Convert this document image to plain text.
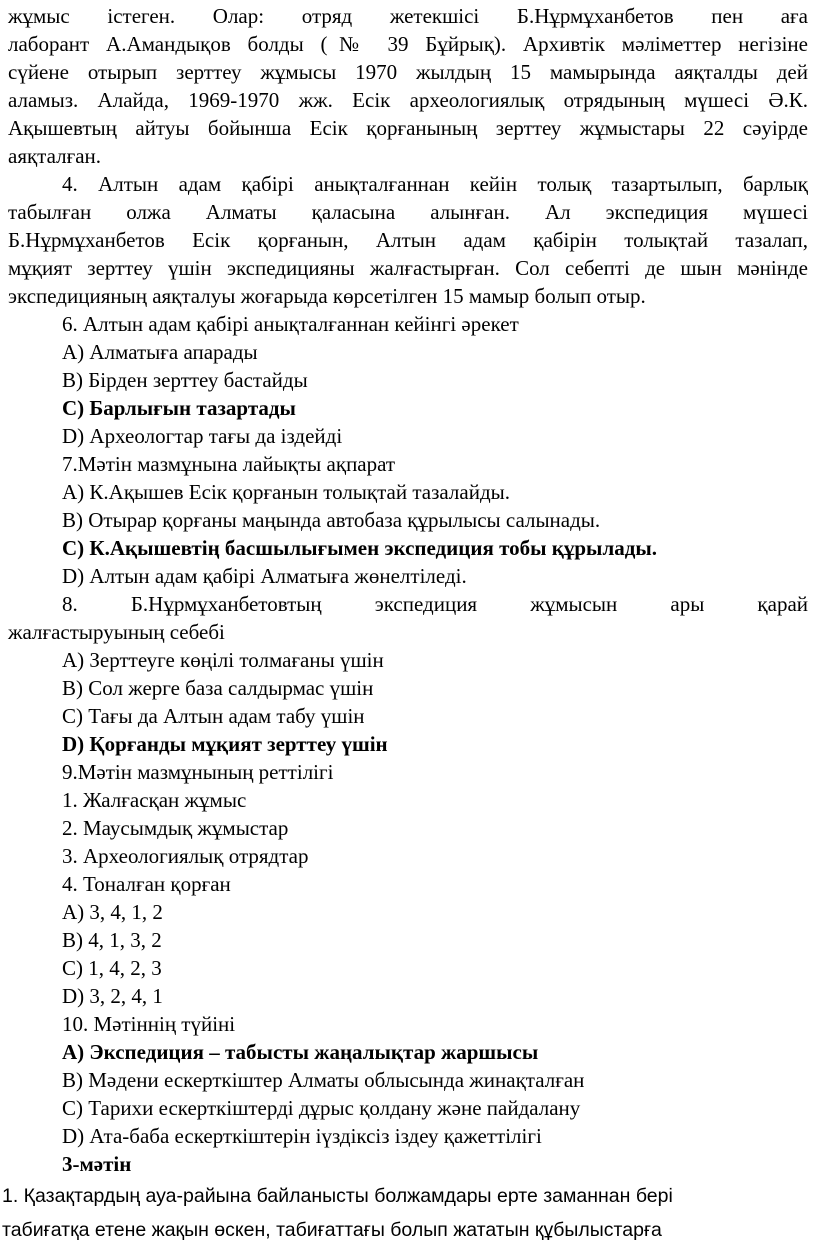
жұмыс істеген. Олар: отряд жетекшісі Б.Нұрмұханбетов пен аға
лаборант А.Амандықов болды (№ 39 Бұйрық). Архивтік мәліметтер негізіне
сүйене отырып зерттеу жұмысы 1970 жылдың 15 мамырында аяқталды дей
аламыз. Алайда, 1969-1970 жж. Есік археологиялық отрядының мүшесі Ә.К.
Ақышевтың айтуы бойынша Есік қорғанының зерттеу жұмыстары 22 сәуірде
аяқталған.
4. Алтын адам қабірі анықталғаннан кейін толық тазартылып, барлық
табылған олжа Алматы қаласына алынған. Ал экспедиция мүшесі
Б.Нұрмұханбетов Есік қорғанын, Алтын адам қабірін толықтай тазалап,
мұқият зерттеу үшін экспедицияны жалғастырған. Сол себепті де шын мәнінде
экспедицияның аяқталуы жоғарыда көрсетілген 15 мамыр болып отыр.
6. Алтын адам қабірі анықталғаннан кейінгі әрекет
А) Алматыға апарады
В) Бірден зерттеу бастайды
С) Барлығын тазартады
D) Археологтар тағы да іздейді
7.Мәтін мазмұнына лайықты ақпарат
А) К.Ақышев Есік қорғанын толықтай тазалайды.
В) Отырар қорғаны маңында автобаза құрылысы салынады.
С) К.Ақышевтің басшылығымен экспедиция тобы құрылады.
D) Алтын адам қабірі Алматыға жөнелтіледі.
8. Б.Нұрмұханбетовтың экспедиция жұмысын ары қарай
жалғастыруының себебі
А) Зерттеуге көңілі толмағаны үшін
В) Сол жерге база салдырмас үшін
С) Тағы да Алтын адам табу үшін
D) Қорғанды мұқият зерттеу үшін
9.Мәтін мазмұнының реттілігі
1. Жалғасқан жұмыс
2. Маусымдық жұмыстар
3. Археологиялық отрядтар
4. Тоналған қорған
А) 3, 4, 1, 2
В) 4, 1, 3, 2
С) 1, 4, 2, 3
D) 3, 2, 4, 1
10. Мәтіннің түйіні
А) Экспедиция – табысты жаңалықтар жаршысы
В) Мәдени ескерткіштер Алматы облысында жинақталған
С) Тарихи ескерткіштерді дұрыс қолдану және пайдалану
D) Ата-баба ескерткіштерін іүздіксіз іздеу қажеттілігі
3-мәтін
1. Қазақтардың ауа-райына байланысты болжамдары ерте заманнан бері
табиғатқа етене жақын өскен, табиғаттағы болып жататын құбылыстарға
